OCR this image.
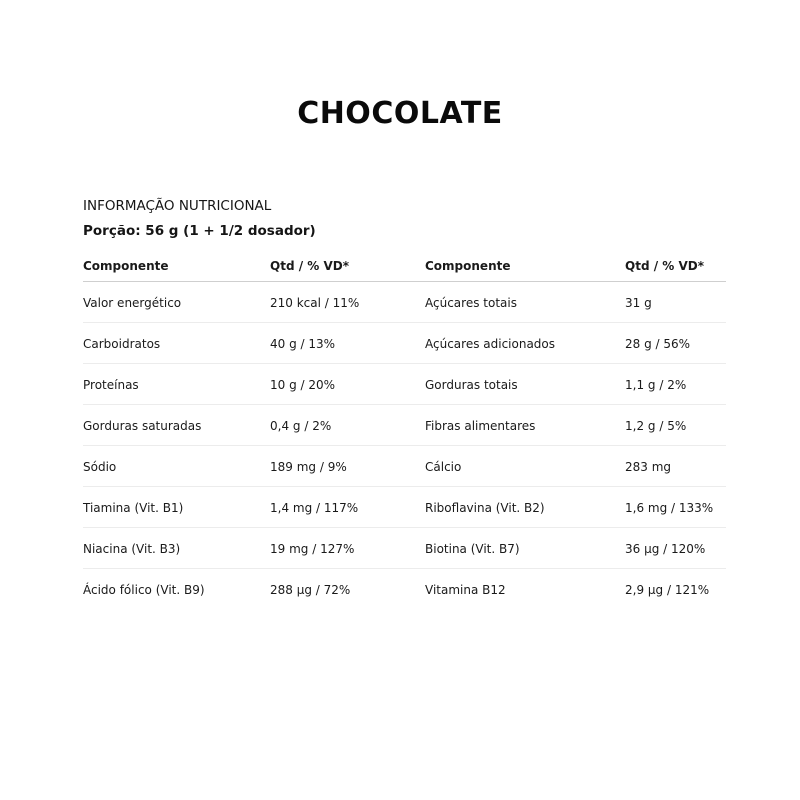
CHOCOLATE

INFORMAÇÃO NUTRICIONAL

Porção: 56 g (1 + 1/2 dosador)

Componente	Qtd / % VD*	Componente	Qtd / % VD*
Valor energético	210 kcal / 11%	Açúcares totais	31 g
Carboidratos	40 g / 13%	Açúcares adicionados	28 g / 56%
Proteínas	10 g / 20%	Gorduras totais	1,1 g / 2%
Gorduras saturadas	0,4 g / 2%	Fibras alimentares	1,2 g / 5%
Sódio	189 mg / 9%	Cálcio	283 mg
Tiamina (Vit. B1)	1,4 mg / 117%	Riboflavina (Vit. B2)	1,6 mg / 133%
Niacina (Vit. B3)	19 mg / 127%	Biotina (Vit. B7)	36 µg / 120%
Ácido fólico (Vit. B9)	288 µg / 72%	Vitamina B12	2,9 µg / 121%
